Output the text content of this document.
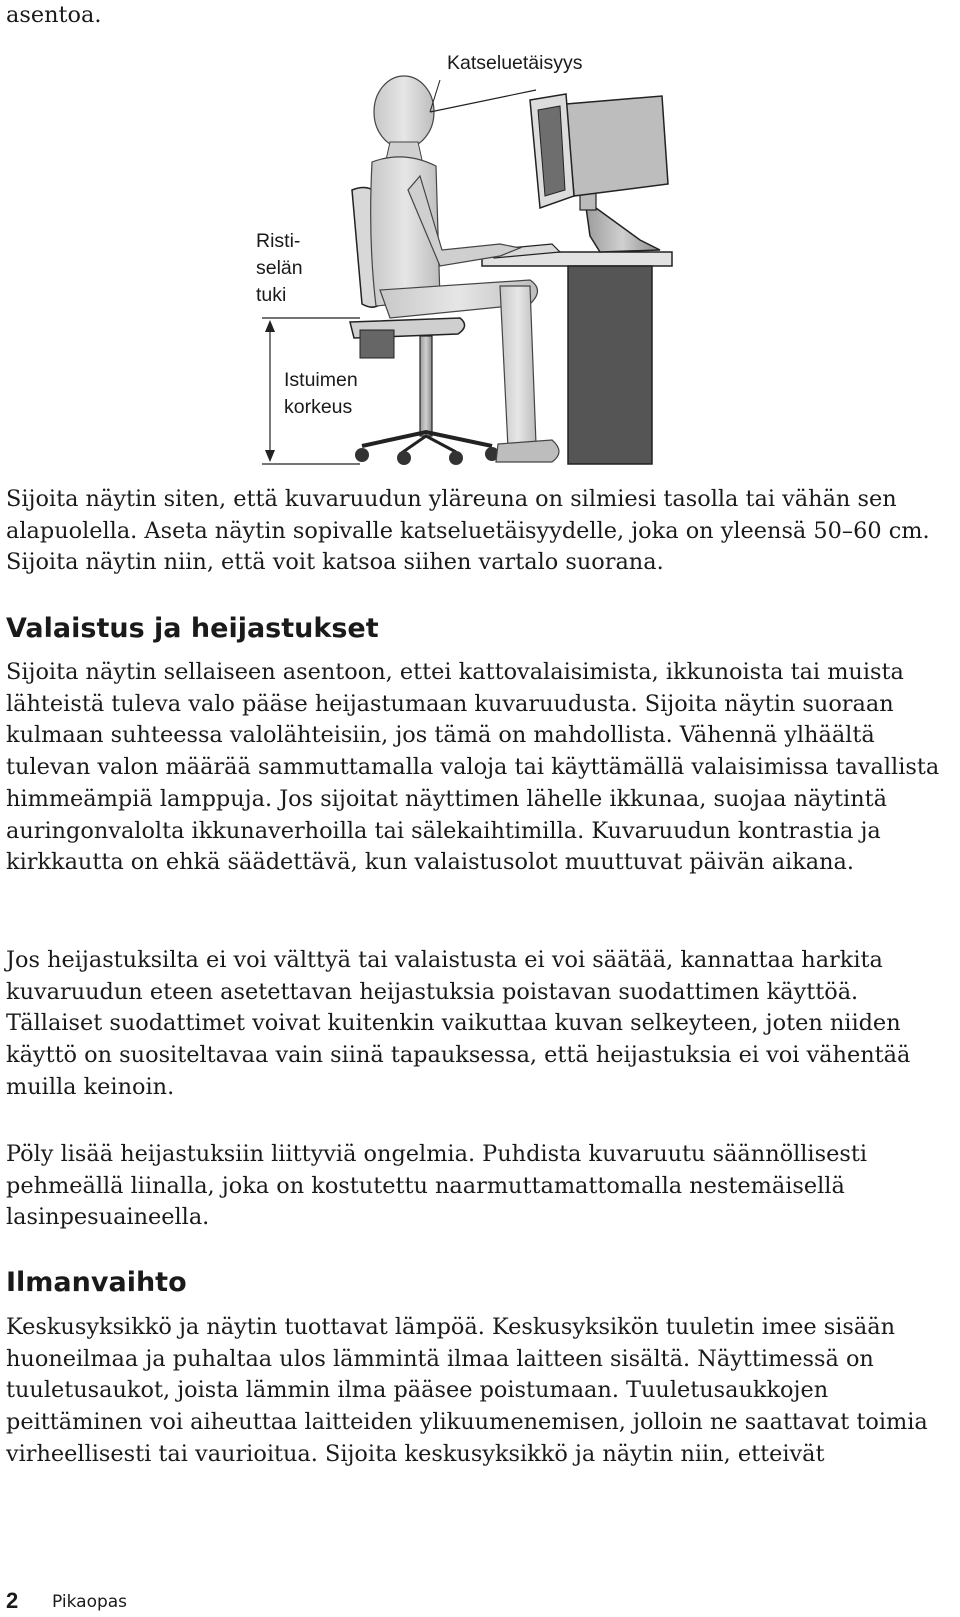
asentoa.
Katseluetäisyys
Risti-
selän
tuki
Istuimen
korkeus
Sijoita näytin siten, että kuvaruudun yläreuna on silmiesi tasolla tai vähän sen alapuolella. Aseta näytin sopivalle katseluetäisyydelle, joka on yleensä 50–60 cm. Sijoita näytin niin, että voit katsoa siihen vartalo suorana.
Valaistus ja heijastukset
Sijoita näytin sellaiseen asentoon, ettei kattovalaisimista, ikkunoista tai muista lähteistä tuleva valo pääse heijastumaan kuvaruudusta. Sijoita näytin suoraan kulmaan suhteessa valolähteisiin, jos tämä on mahdollista. Vähennä ylhäältä tulevan valon määrää sammuttamalla valoja tai käyttämällä valaisimissa tavallista himmeämpiä lamppuja. Jos sijoitat näyttimen lähelle ikkunaa, suojaa näytintä auringonvalolta ikkunaverhoilla tai sälekaihtimilla. Kuvaruudun kontrastia ja kirkkautta on ehkä säädettävä, kun valaistusolot muuttuvat päivän aikana.
Jos heijastuksilta ei voi välttyä tai valaistusta ei voi säätää, kannattaa harkita kuvaruudun eteen asetettavan heijastuksia poistavan suodattimen käyttöä. Tällaiset suodattimet voivat kuitenkin vaikuttaa kuvan selkeyteen, joten niiden käyttö on suositeltavaa vain siinä tapauksessa, että heijastuksia ei voi vähentää muilla keinoin.
Pöly lisää heijastuksiin liittyviä ongelmia. Puhdista kuvaruutu säännöllisesti pehmeällä liinalla, joka on kostutettu naarmuttamattomalla nestemäisellä lasinpesuaineella.
Ilmanvaihto
Keskusyksikkö ja näytin tuottavat lämpöä. Keskusyksikön tuuletin imee sisään huoneilmaa ja puhaltaa ulos lämmintä ilmaa laitteen sisältä. Näyttimessä on tuuletusaukot, joista lämmin ilma pääsee poistumaan. Tuuletusaukkojen peittäminen voi aiheuttaa laitteiden ylikuumenemisen, jolloin ne saattavat toimia virheellisesti tai vaurioitua. Sijoita keskusyksikkö ja näytin niin, etteivät
2 Pikaopas
